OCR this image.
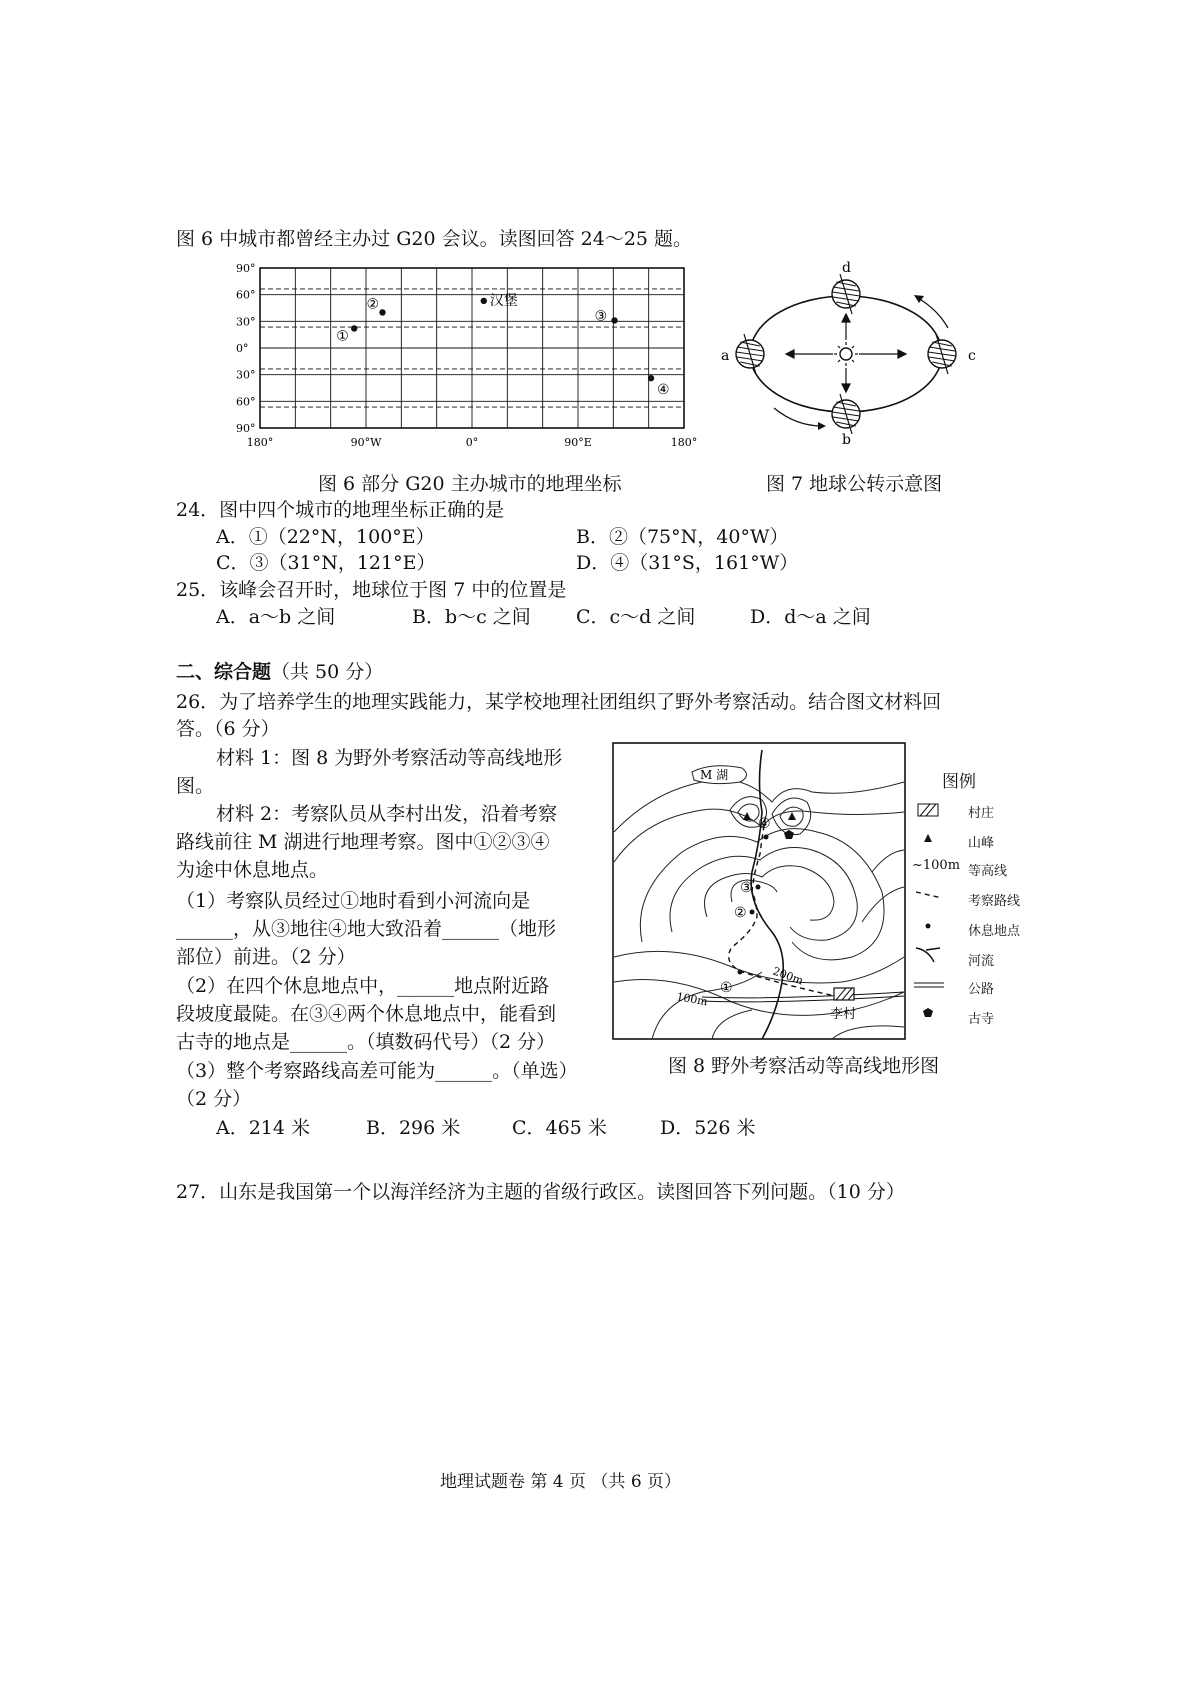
图 6 中城市都曾经主办过 G20 会议。读图回答 24～25 题。
90°
60°
30°
0°
30°
60°
90°
180°	90°W	0°	90°E	180°
①
②	汉堡
③
④
图 6 部分 G20 主办城市的地理坐标
a
b
c
d
图 7 地球公转示意图
24．图中四个城市的地理坐标正确的是
A．①（22°N，100°E）	B．②（75°N，40°W）
C．③（31°N，121°E）	D．④（31°S，161°W）
25．该峰会召开时，地球位于图 7 中的位置是
A．a～b 之间	B．b～c 之间 C．c～d 之间	D．d～a 之间
二、综合题（共 50 分）
26．为了培养学生的地理实践能力，某学校地理社团组织了野外考察活动。结合图文材料回
答。（6 分）
材料 1：图 8 为野外考察活动等高线地形
图。
材料 2：考察队员从李村出发，沿着考察
路线前往 M 湖进行地理考察。图中①②③④
为途中休息地点。
（1）考察队员经过①地时看到小河流向是
______，从③地往④地大致沿着______（地形
部位）前进。（2 分）
（2）在四个休息地点中，______地点附近路
段坡度最陡。在③④两个休息地点中，能看到
古寺的地点是______。（填数码代号）（2 分）
（3）整个考察路线高差可能为______。（单选）
（2 分）
A．214 米	B．296 米	C．465 米	D．526 米
M 湖
李村
200m
100m
①
②
③
④
图例
~100m
村庄
山峰
等高线
考察路线
休息地点
河流
公路
古寺
图 8 野外考察活动等高线地形图
27．山东是我国第一个以海洋经济为主题的省级行政区。读图回答下列问题。（10 分）
地理试题卷 第 4 页 （共 6 页）
